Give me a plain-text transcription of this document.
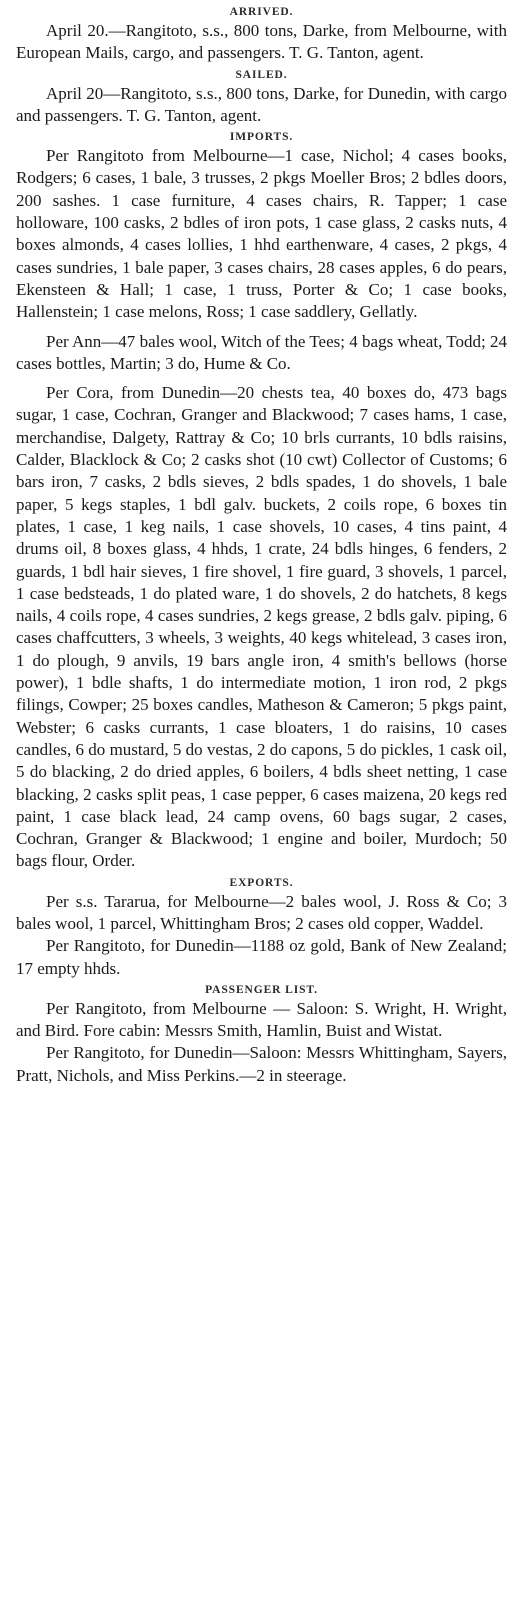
ARRIVED.

April 20.—Rangitoto, s.s., 800 tons, Darke, from Melbourne, with European Mails, cargo, and passengers. T. G. Tanton, agent.

SAILED.

April 20—Rangitoto, s.s., 800 tons, Darke, for Dunedin, with cargo and passengers. T. G. Tanton, agent.

IMPORTS.

Per Rangitoto from Melbourne—1 case, Nichol; 4 cases books, Rodgers; 6 cases, 1 bale, 3 trusses, 2 pkgs Moeller Bros; 2 bdles doors, 200 sashes. 1 case furniture, 4 cases chairs, R. Tapper; 1 case holloware, 100 casks, 2 bdles of iron pots, 1 case glass, 2 casks nuts, 4 boxes almonds, 4 cases lollies, 1 hhd earthenware, 4 cases, 2 pkgs, 4 cases sundries, 1 bale paper, 3 cases chairs, 28 cases apples, 6 do pears, Ekensteen & Hall; 1 case, 1 truss, Porter & Co; 1 case books, Hallenstein; 1 case melons, Ross; 1 case saddlery, Gellatly.

Per Ann—47 bales wool, Witch of the Tees; 4 bags wheat, Todd; 24 cases bottles, Martin; 3 do, Hume & Co.

Per Cora, from Dunedin—20 chests tea, 40 boxes do, 473 bags sugar, 1 case, Cochran, Granger and Blackwood; 7 cases hams, 1 case, merchandise, Dalgety, Rattray & Co; 10 brls currants, 10 bdls raisins, Calder, Blacklock & Co; 2 casks shot (10 cwt) Collector of Customs; 6 bars iron, 7 casks, 2 bdls sieves, 2 bdls spades, 1 do shovels, 1 bale paper, 5 kegs staples, 1 bdl galv. buckets, 2 coils rope, 6 boxes tin plates, 1 case, 1 keg nails, 1 case shovels, 10 cases, 4 tins paint, 4 drums oil, 8 boxes glass, 4 hhds, 1 crate, 24 bdls hinges, 6 fenders, 2 guards, 1 bdl hair sieves, 1 fire shovel, 1 fire guard, 3 shovels, 1 parcel, 1 case bedsteads, 1 do plated ware, 1 do shovels, 2 do hatchets, 8 kegs nails, 4 coils rope, 4 cases sundries, 2 kegs grease, 2 bdls galv. piping, 6 cases chaffcutters, 3 wheels, 3 weights, 40 kegs whitelead, 3 cases iron, 1 do plough, 9 anvils, 19 bars angle iron, 4 smith's bellows (horse power), 1 bdle shafts, 1 do intermediate motion, 1 iron rod, 2 pkgs filings, Cowper; 25 boxes candles, Matheson & Cameron; 5 pkgs paint, Webster; 6 casks currants, 1 case bloaters, 1 do raisins, 10 cases candles, 6 do mustard, 5 do vestas, 2 do capons, 5 do pickles, 1 cask oil, 5 do blacking, 2 do dried apples, 6 boilers, 4 bdls sheet netting, 1 case blacking, 2 casks split peas, 1 case pepper, 6 cases maizena, 20 kegs red paint, 1 case black lead, 24 camp ovens, 60 bags sugar, 2 cases, Cochran, Granger & Blackwood; 1 engine and boiler, Murdoch; 50 bags flour, Order.

EXPORTS.

Per s.s. Tararua, for Melbourne—2 bales wool, J. Ross & Co; 3 bales wool, 1 parcel, Whittingham Bros; 2 cases old copper, Waddel.

Per Rangitoto, for Dunedin—1188 oz gold, Bank of New Zealand; 17 empty hhds.

PASSENGER LIST.

Per Rangitoto, from Melbourne — Saloon: S. Wright, H. Wright, and Bird. Fore cabin: Messrs Smith, Hamlin, Buist and Wistat.

Per Rangitoto, for Dunedin—Saloon: Messrs Whittingham, Sayers, Pratt, Nichols, and Miss Perkins.—2 in steerage.
